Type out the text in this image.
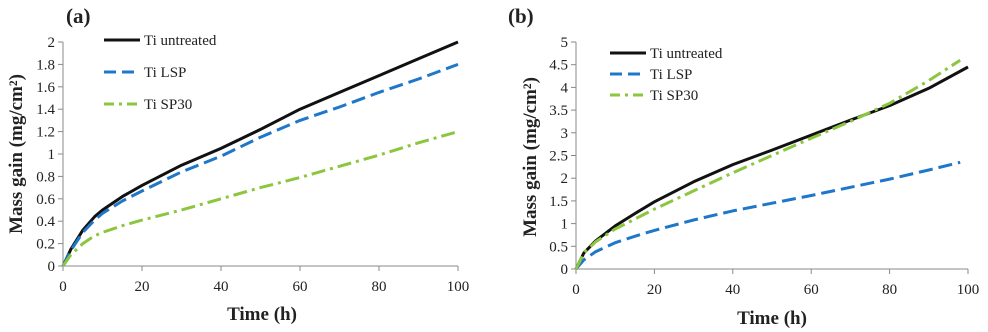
(a)
0	20	40	60	80	100
0
0.2
0.4
0.6
0.8
1
1.2
1.4
1.6
1.8
2	Ti untreated
Ti LSP
Ti SP30
Time (h)
Mass gain (mg/cm²)
(b)
0	20	40	60	80	100
0
0.5
1
1.5
2
2.5
3
3.5
4
4.5
5
Ti untreated
Ti LSP
Ti SP30
Time (h)
Mass gain (mg/cm²)
